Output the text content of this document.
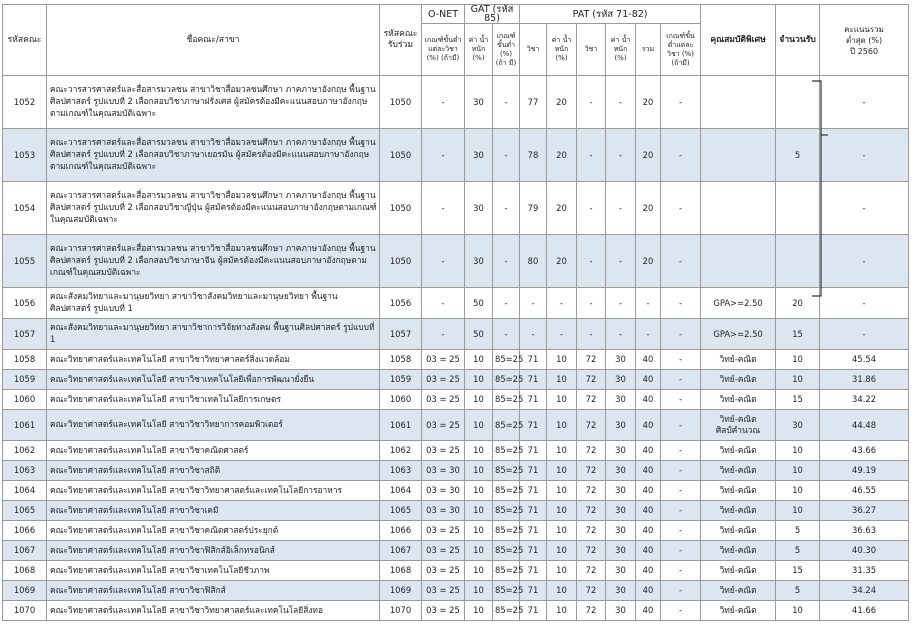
รหัสคณะ	ชื่อคณะ/สาขา	รหัสคณะ
รับร่วม	O-NET	GAT (รหัส 85)		PAT (รหัส 71-82)						คุณสมบัติพิเศษ	จำนวนรับ	คะแนนรวม
ต่ำสุด (%)
ปี 2560
			เกณฑ์ขั้นต่ำแต่ละวิชา (%) (ถ้ามี)	ค่า น้ำหนัก (%)	เกณฑ์ ขั้นต่ำ (%) (ถ้า มี)	วิชา	ค่า น้ำหนัก (%)	วิชา	ค่า น้ำหนัก (%)	รวม	เกณฑ์ขั้นต่ำแต่ละวิชา (%) (ถ้ามี)			
1052	คณะวารสารศาสตร์และสื่อสารมวลชน สาขาวิชาสื่อมวลชนศึกษา ภาคภาษาอังกฤษ พื้นฐานศิลปศาสตร์ รูปแบบที่ 2 เลือกสอบวิชาภาษาฝรั่งเศส ผู้สมัครต้องมีคะแนนสอบภาษาอังกฤษตามเกณฑ์ในคุณสมบัติเฉพาะ	1050	-	30	-	77	20	-	-	20	-			-
1053	คณะวารสารศาสตร์และสื่อสารมวลชน สาขาวิชาสื่อมวลชนศึกษา ภาคภาษาอังกฤษ พื้นฐานศิลปศาสตร์ รูปแบบที่ 2 เลือกสอบวิชาภาษาเยอรมัน ผู้สมัครต้องมีคะแนนสอบภาษาอังกฤษตามเกณฑ์ในคุณสมบัติเฉพาะ	1050	-	30	-	78	20	-	-	20	-		5	-
1054	คณะวารสารศาสตร์และสื่อสารมวลชน สาขาวิชาสื่อมวลชนศึกษา ภาคภาษาอังกฤษ พื้นฐานศิลปศาสตร์ รูปแบบที่ 2 เลือกสอบวิชาญี่ปุ่น ผู้สมัครต้องมีคะแนนสอบภาษาอังกฤษตามเกณฑ์ในคุณสมบัติเฉพาะ	1050	-	30	-	79	20	-	-	20	-			-
1055	คณะวารสารศาสตร์และสื่อสารมวลชน สาขาวิชาสื่อมวลชนศึกษา ภาคภาษาอังกฤษ พื้นฐานศิลปศาสตร์ รูปแบบที่ 2 เลือกสอบวิชาภาษาจีน ผู้สมัครต้องมีคะแนนสอบภาษาอังกฤษตามเกณฑ์ในคุณสมบัติเฉพาะ	1050	-	30	-	80	20	-	-	20	-			-
1056	คณะสังคมวิทยาและมานุษยวิทยา สาขาวิชาสังคมวิทยาและมานุษยวิทยา พื้นฐานศิลปศาสตร์ รูปแบบที่ 1	1056	-	50	-	-	-	-	-	-	-	GPA>=2.50	20	-
1057	คณะสังคมวิทยาและมานุษยวิทยา สาขาวิชาการวิจัยทางสังคม พื้นฐานศิลปศาสตร์ รูปแบบที่ 1	1057	-	50	-	-	-	-	-	-	-	GPA>=2.50	15	-
1058	คณะวิทยาศาสตร์และเทคโนโลยี สาขาวิชาวิทยาศาสตร์สิ่งแวดล้อม	1058	03 = 25	10	85=25	71	10	72	30	40	-	วิทย์-คณิต	10	45.54
1059	คณะวิทยาศาสตร์และเทคโนโลยี สาขาวิชาเทคโนโลยีเพื่อการพัฒนายั่งยืน	1059	03 = 25	10	85=25	71	10	72	30	40	-	วิทย์-คณิต	10	31.86
1060	คณะวิทยาศาสตร์และเทคโนโลยี สาขาวิชาเทคโนโลยีการเกษตร	1060	03 = 25	10	85=25	71	10	72	30	40	-	วิทย์-คณิต	15	34.22
1061	คณะวิทยาศาสตร์และเทคโนโลยี สาขาวิชาวิทยาการคอมพิวเตอร์	1061	03 = 25	10	85=25	71	10	72	30	40	-	วิทย์-คณิต
ศิลป์คำนวณ	30	44.48
1062	คณะวิทยาศาสตร์และเทคโนโลยี สาขาวิชาคณิตศาสตร์	1062	03 = 25	10	85=25	71	10	72	30	40	-	วิทย์-คณิต	10	43.66
1063	คณะวิทยาศาสตร์และเทคโนโลยี สาขาวิชาสถิติ	1063	03 = 30	10	85=25	71	10	72	30	40	-	วิทย์-คณิต	10	49.19
1064	คณะวิทยาศาสตร์และเทคโนโลยี สาขาวิชาวิทยาศาสตร์และเทคโนโลยีการอาหาร	1064	03 = 30	10	85=25	71	10	72	30	40	-	วิทย์-คณิต	10	46.55
1065	คณะวิทยาศาสตร์และเทคโนโลยี สาขาวิชาเคมี	1065	03 = 30	10	85=25	71	10	72	30	40	-	วิทย์-คณิต	10	36.27
1066	คณะวิทยาศาสตร์และเทคโนโลยี สาขาวิชาคณิตศาสตร์ประยุกต์	1066	03 = 25	10	85=25	71	10	72	30	40	-	วิทย์-คณิต	5	36.63
1067	คณะวิทยาศาสตร์และเทคโนโลยี สาขาวิชาฟิสิกส์อิเล็กทรอนิกส์	1067	03 = 25	10	85=25	71	10	72	30	40	-	วิทย์-คณิต	5	40.30
1068	คณะวิทยาศาสตร์และเทคโนโลยี สาขาวิชาเทคโนโลยีชีวภาพ	1068	03 = 25	10	85=25	71	10	72	30	40	-	วิทย์-คณิต	15	31.35
1069	คณะวิทยาศาสตร์และเทคโนโลยี สาขาวิชาฟิสิกส์	1069	03 = 25	10	85=25	71	10	72	30	40	-	วิทย์-คณิต	5	34.24
1070	คณะวิทยาศาสตร์และเทคโนโลยี สาขาวิชาวิทยาศาสตร์และเทคโนโลยีสิ่งทอ	1070	03 = 25	10	85=25	71	10	72	30	40	-	วิทย์-คณิต	10	41.66
